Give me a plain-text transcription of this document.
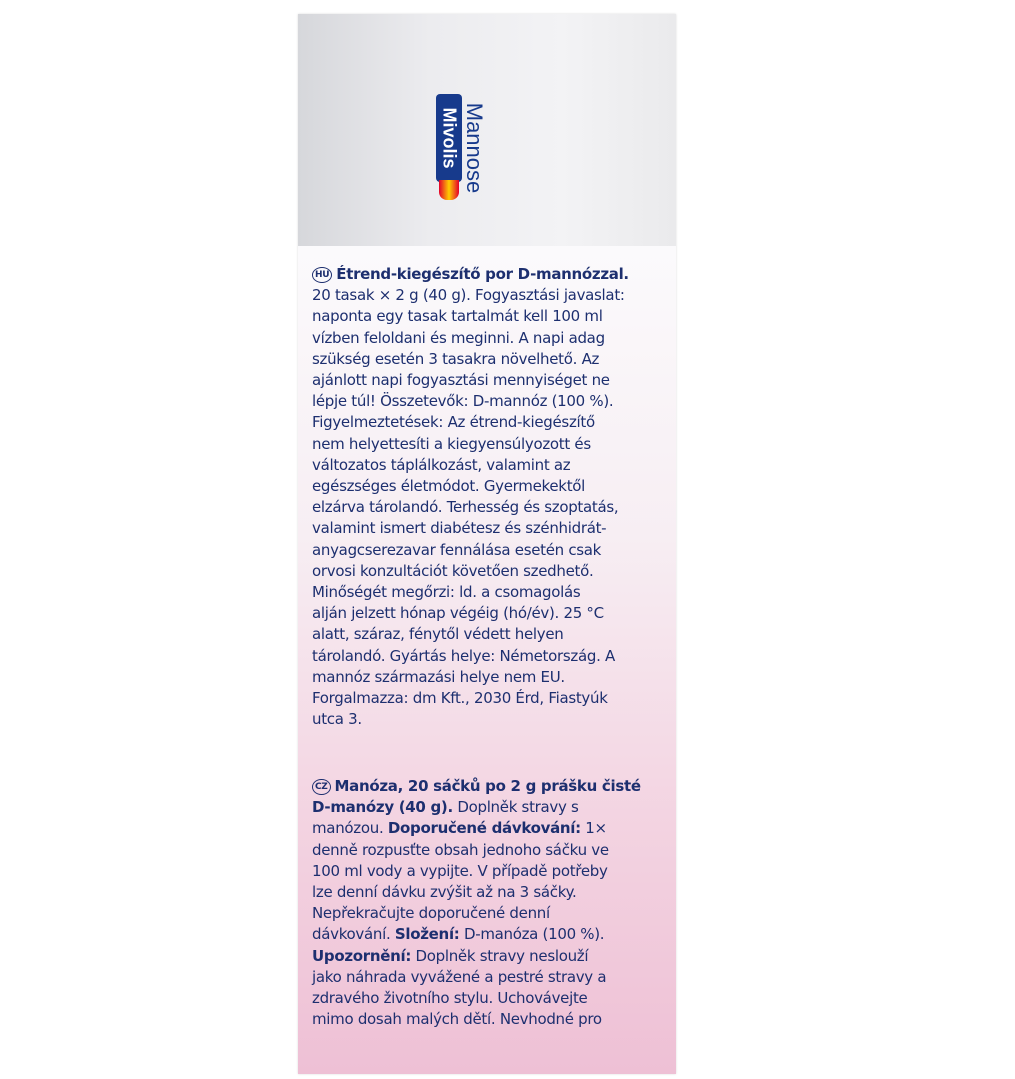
Mivolis Mannose
HU Étrend-kiegészítő por D-mannózzal.
20 tasak × 2 g (40 g). Fogyasztási javaslat:
naponta egy tasak tartalmát kell 100 ml
vízben feloldani és meginni. A napi adag
szükség esetén 3 tasakra növelhető. Az
ajánlott napi fogyasztási mennyiséget ne
lépje túl! Összetevők: D-mannóz (100 %).
Figyelmeztetések: Az étrend-kiegészítő
nem helyettesíti a kiegyensúlyozott és
változatos táplálkozást, valamint az
egészséges életmódot. Gyermekektől
elzárva tárolandó. Terhesség és szoptatás,
valamint ismert diabétesz és szénhidrát-
anyagcserezavar fennálása esetén csak
orvosi konzultációt követően szedhető.
Minőségét megőrzi: ld. a csomagolás
alján jelzett hónap végéig (hó/év). 25 °C
alatt, száraz, fénytől védett helyen
tárolandó. Gyártás helye: Németország. A
mannóz származási helye nem EU.
Forgalmazza: dm Kft., 2030 Érd, Fiastyúk
utca 3.
CZ Manóza, 20 sáčků po 2 g prášku čisté
D-manózy (40 g). Doplněk stravy s
manózou. Doporučené dávkování: 1×
denně rozpusťte obsah jednoho sáčku ve
100 ml vody a vypijte. V případě potřeby
lze denní dávku zvýšit až na 3 sáčky.
Nepřekračujte doporučené denní
dávkování. Složení: D-manóza (100 %).
Upozornění: Doplněk stravy neslouží
jako náhrada vyvážené a pestré stravy a
zdravého životního stylu. Uchovávejte
mimo dosah malých dětí. Nevhodné pro
